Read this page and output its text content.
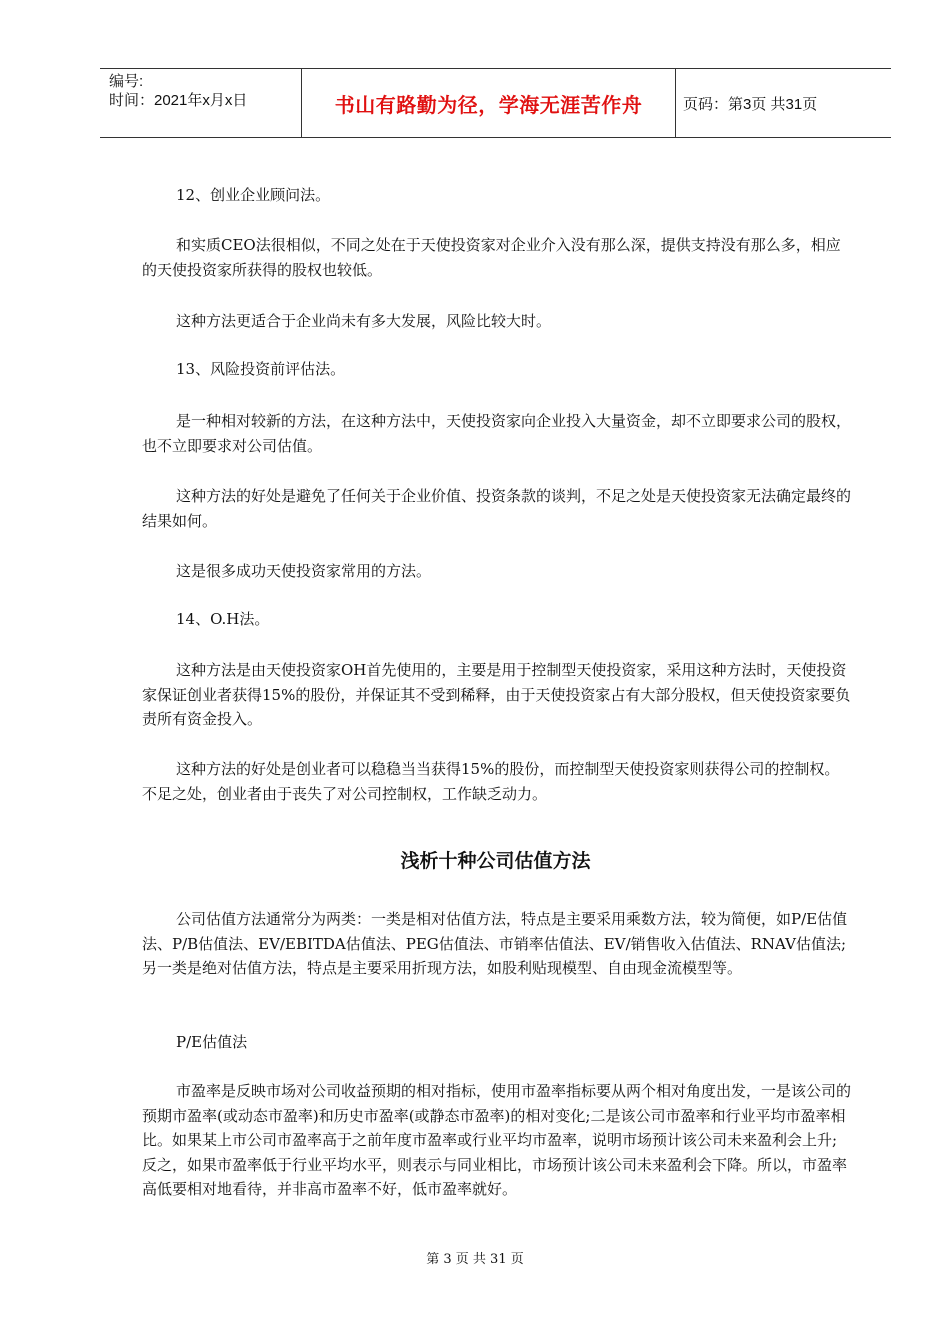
编号:
时间：2021年x月x日	书山有路勤为径，学海无涯苦作舟	页码：第3页 共31页

12、创业企业顾问法。

和实质CEO法很相似，不同之处在于天使投资家对企业介入没有那么深，提供支持没有那么多，相应的天使投资家所获得的股权也较低。

这种方法更适合于企业尚未有多大发展，风险比较大时。

13、风险投资前评估法。

是一种相对较新的方法，在这种方法中，天使投资家向企业投入大量资金，却不立即要求公司的股权，也不立即要求对公司估值。

这种方法的好处是避免了任何关于企业价值、投资条款的谈判，不足之处是天使投资家无法确定最终的结果如何。

这是很多成功天使投资家常用的方法。

14、O.H法。

这种方法是由天使投资家OH首先使用的，主要是用于控制型天使投资家，采用这种方法时，天使投资家保证创业者获得15%的股份，并保证其不受到稀释，由于天使投资家占有大部分股权，但天使投资家要负责所有资金投入。

这种方法的好处是创业者可以稳稳当当获得15%的股份，而控制型天使投资家则获得公司的控制权。不足之处，创业者由于丧失了对公司控制权，工作缺乏动力。

浅析十种公司估值方法

公司估值方法通常分为两类：一类是相对估值方法，特点是主要采用乘数方法，较为简便，如P/E估值法、P/B估值法、EV/EBITDA估值法、PEG估值法、市销率估值法、EV/销售收入估值法、RNAV估值法;另一类是绝对估值方法，特点是主要采用折现方法，如股利贴现模型、自由现金流模型等。

P/E估值法

市盈率是反映市场对公司收益预期的相对指标，使用市盈率指标要从两个相对角度出发，一是该公司的预期市盈率(或动态市盈率)和历史市盈率(或静态市盈率)的相对变化;二是该公司市盈率和行业平均市盈率相比。如果某上市公司市盈率高于之前年度市盈率或行业平均市盈率，说明市场预计该公司未来盈利会上升;反之，如果市盈率低于行业平均水平，则表示与同业相比，市场预计该公司未来盈利会下降。所以，市盈率高低要相对地看待，并非高市盈率不好，低市盈率就好。

第 3 页 共 31 页
